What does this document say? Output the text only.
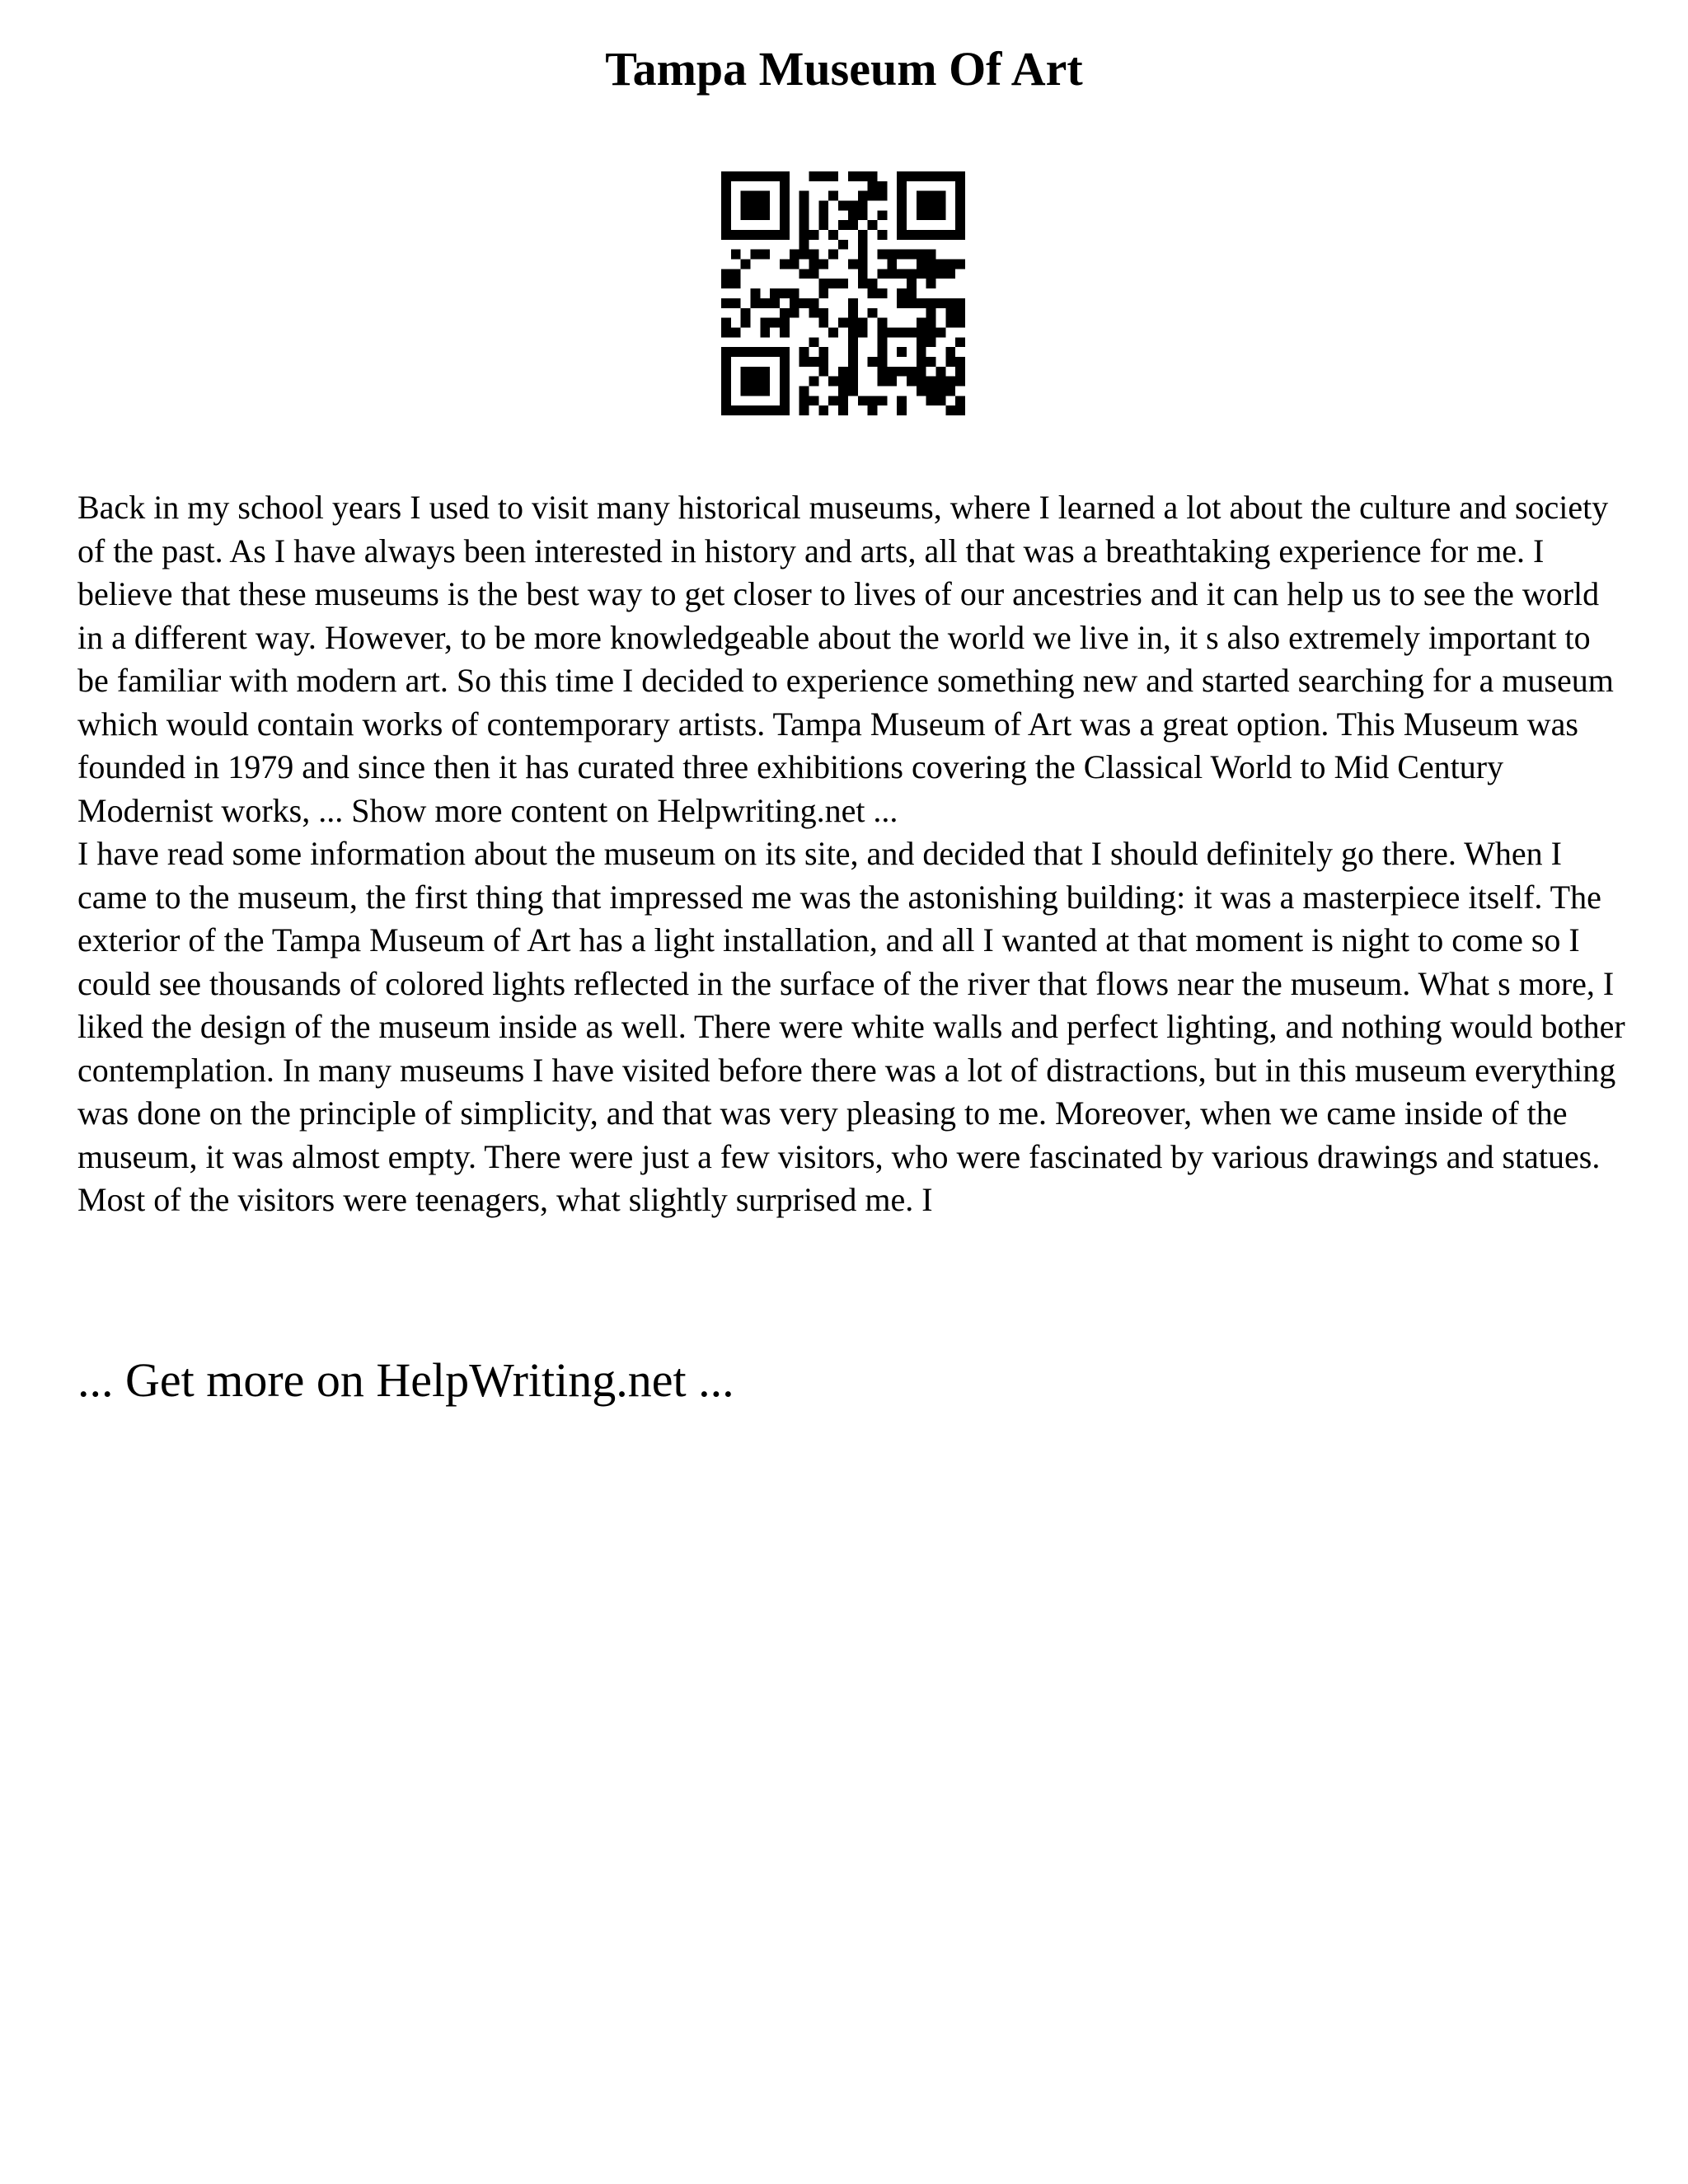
Tampa Museum Of Art

Back in my school years I used to visit many historical museums, where I learned a lot about the culture and society of the past. As I have always been interested in history and arts, all that was a breathtaking experience for me. I believe that these museums is the best way to get closer to lives of our ancestries and it can help us to see the world in a different way. However, to be more knowledgeable about the world we live in, it s also extremely important to be familiar with modern art. So this time I decided to experience something new and started searching for a museum which would contain works of contemporary artists. Tampa Museum of Art was a great option. This Museum was founded in 1979 and since then it has curated three exhibitions covering the Classical World to Mid Century Modernist works, ... Show more content on Helpwriting.net ...

I have read some information about the museum on its site, and decided that I should definitely go there. When I came to the museum, the first thing that impressed me was the astonishing building: it was a masterpiece itself. The exterior of the Tampa Museum of Art has a light installation, and all I wanted at that moment is night to come so I could see thousands of colored lights reflected in the surface of the river that flows near the museum. What s more, I liked the design of the museum inside as well. There were white walls and perfect lighting, and nothing would bother contemplation. In many museums I have visited before there was a lot of distractions, but in this museum everything was done on the principle of simplicity, and that was very pleasing to me. Moreover, when we came inside of the museum, it was almost empty. There were just a few visitors, who were fascinated by various drawings and statues. Most of the visitors were teenagers, what slightly surprised me. I

... Get more on HelpWriting.net ...
